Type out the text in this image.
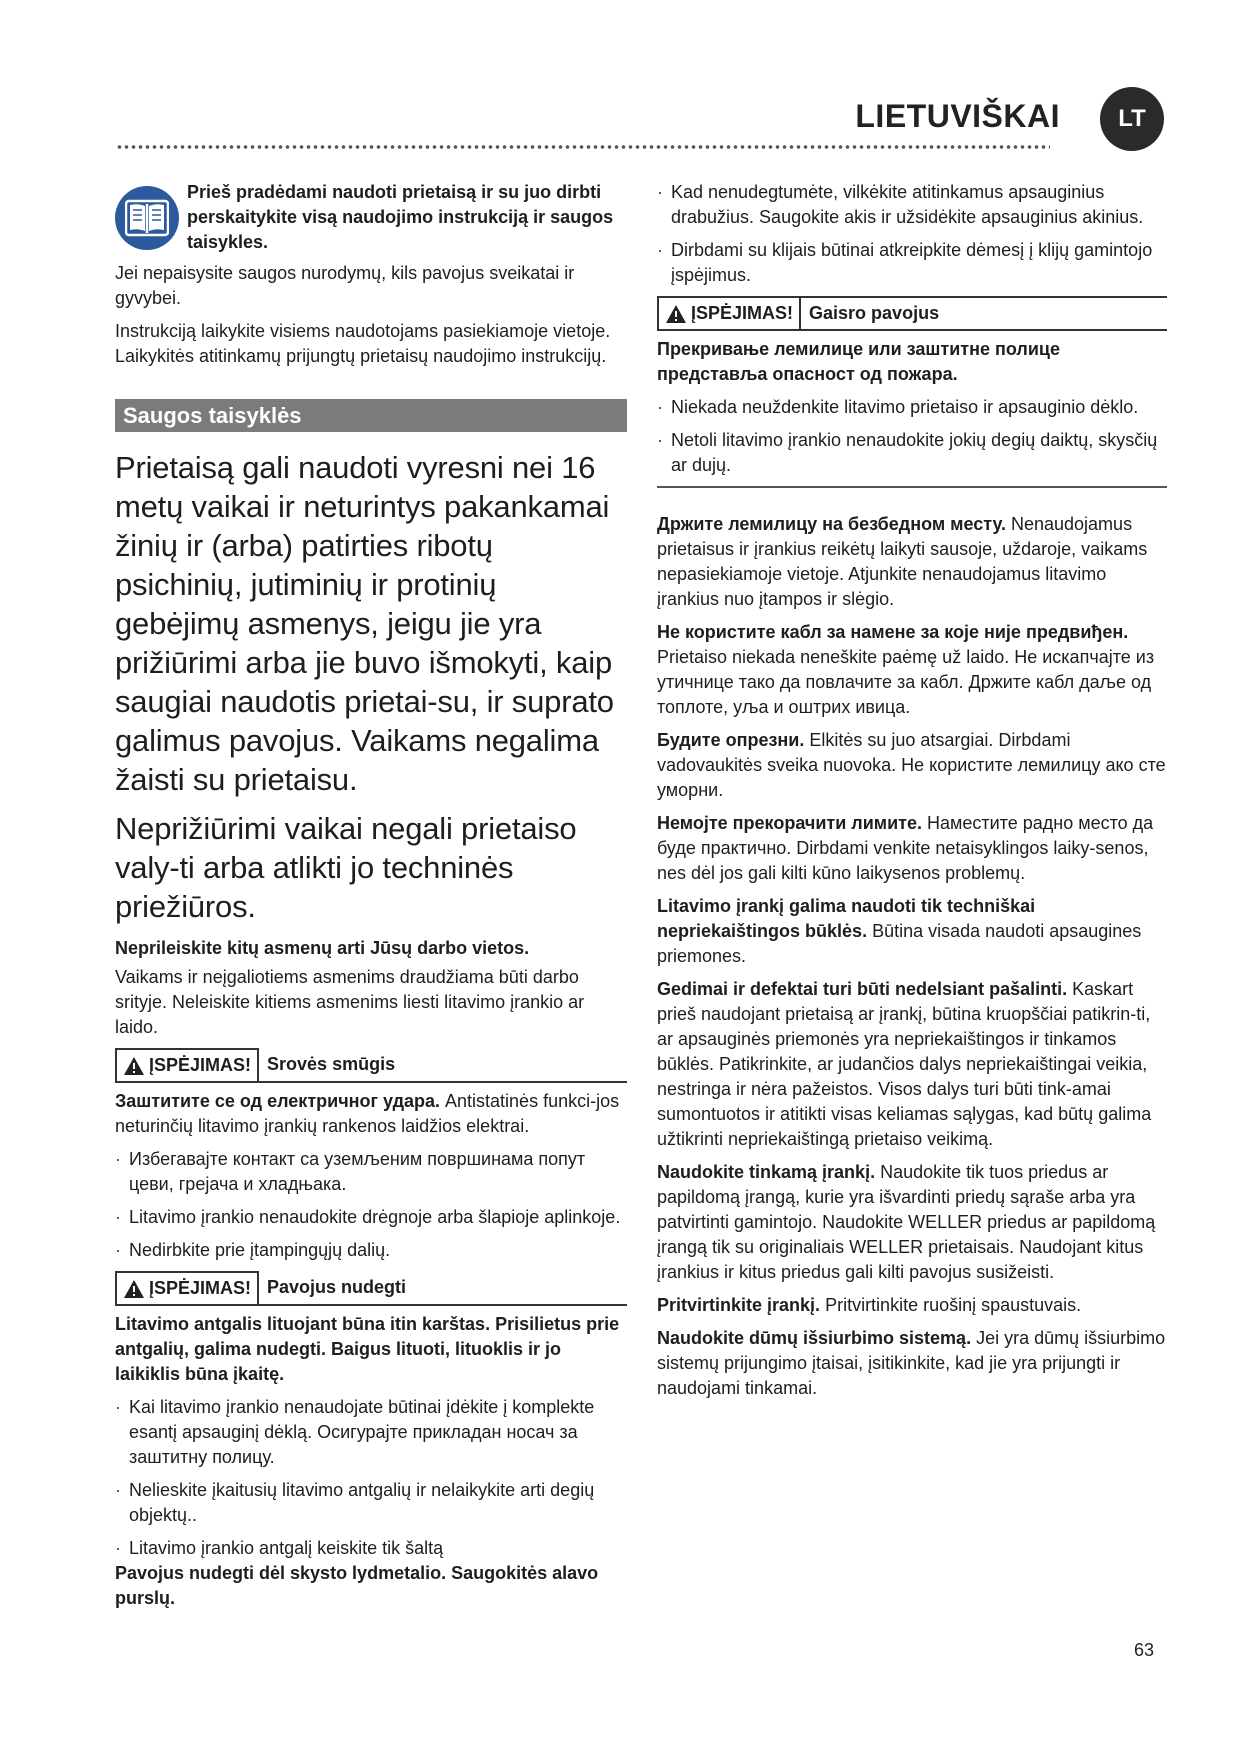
LIETUVIŠKAI	LT
Prieš pradėdami naudoti prietaisą ir su juo dirbti perskaitykite visą naudojimo instrukciją ir saugos taisykles.

Jei nepaisysite saugos nurodymų, kils pavojus sveikatai ir gyvybei.

Instrukciją laikykite visiems naudotojams pasiekiamoje vietoje. Laikykitės atitinkamų prijungtų prietaisų naudojimo instrukcijų.

Saugos taisyklės

Prietaisą gali naudoti vyresni nei 16 metų vaikai ir neturintys pakankamai žinių ir (arba) patirties ribotų psichinių, jutiminių ir protinių gebėjimų asmenys, jeigu jie yra prižiūrimi arba jie buvo išmokyti, kaip saugiai naudotis prietai-su, ir suprato galimus pavojus. Vaikams negalima žaisti su prietaisu.

Neprižiūrimi vaikai negali prietaiso valy-ti arba atlikti jo techninės priežiūros.

Neprileiskite kitų asmenų arti Jūsų darbo vietos.

Vaikams ir neįgaliotiems asmenims draudžiama būti darbo srityje. Neleiskite kitiems asmenims liesti litavimo įrankio ar laido.

ĮSPĖJIMAS! Srovės smūgis

Заштитите се од електричног удара. Antistatinės funkci-jos neturinčių litavimo įrankių rankenos laidžios elektrai.

· Избегавајте контакт са уземљеним површинама попут цеви, грејача и хладњака.
· Litavimo įrankio nenaudokite drėgnoje arba šlapioje aplinkoje.
· Nedirbkite prie įtampingųjų dalių.
ĮSPĖJIMAS! Pavojus nudegti

Litavimo antgalis lituojant būna itin karštas. Prisilietus prie antgalių, galima nudegti. Baigus lituoti, lituoklis ir jo laikiklis būna įkaitę.

· Kai litavimo įrankio nenaudojate būtinai įdėkite į komplekte esantį apsauginį dėklą. Осигурајте прикладан носач за заштитну полицу.
· Nelieskite įkaitusių litavimo antgalių ir nelaikykite arti degių objektų..
· Litavimo įrankio antgalį keiskite tik šaltą

Pavojus nudegti dėl skysto lydmetalio. Saugokitės alavo purslų.

· Kad nenudegtumėte, vilkėkite atitinkamus apsauginius drabužius. Saugokite akis ir užsidėkite apsauginius akinius.
· Dirbdami su klijais būtinai atkreipkite dėmesį į klijų gamintojo įspėjimus.
ĮSPĖJIMAS! Gaisro pavojus

Прекривање лемилице или заштитне полице представља опасност од пожара.

· Niekada neuždenkite litavimo prietaiso ir apsauginio dėklo.
· Netoli litavimo įrankio nenaudokite jokių degių daiktų, skysčių ar dujų.

Држите лемилицу на безбедном месту. Nenaudojamus prietaisus ir įrankius reikėtų laikyti sausoje, uždaroje, vaikams nepasiekiamoje vietoje. Atjunkite nenaudojamus litavimo įrankius nuo įtampos ir slėgio.

Не користите кабл за намене за које није предвиђен. Prietaiso niekada neneškite paėmę už laido. Не искапчајте из утичнице тако да повлачите за кабл. Држите кабл даље од топлоте, уља и оштрих ивица.

Будите опрезни. Elkitės su juo atsargiai. Dirbdami vadovaukitės sveika nuovoka. Не користите лемилицу ако сте уморни.

Немојте прекорачити лимите. Наместите радно место да буде практично. Dirbdami venkite netaisyklingos laiky-senos, nes dėl jos gali kilti kūno laikysenos problemų.

Litavimo įrankį galima naudoti tik techniškai nepriekaištingos būklės. Būtina visada naudoti apsaugines priemones.

Gedimai ir defektai turi būti nedelsiant pašalinti. Kaskart prieš naudojant prietaisą ar įrankį, būtina kruopščiai patikrin-ti, ar apsauginės priemonės yra nepriekaištingos ir tinkamos būklės. Patikrinkite, ar judančios dalys nepriekaištingai veikia, nestringa ir nėra pažeistos. Visos dalys turi būti tink-amai sumontuotos ir atitikti visas keliamas sąlygas, kad būtų galima užtikrinti nepriekaištingą prietaiso veikimą.

Naudokite tinkamą įrankį. Naudokite tik tuos priedus ar papildomą įrangą, kurie yra išvardinti priedų sąraše arba yra patvirtinti gamintojo. Naudokite WELLER priedus ar papildomą įrangą tik su originaliais WELLER prietaisais. Naudojant kitus įrankius ir kitus priedus gali kilti pavojus susižeisti.

Pritvirtinkite įrankį. Pritvirtinkite ruošinį spaustuvais.

Naudokite dūmų išsiurbimo sistemą. Jei yra dūmų išsiurbimo sistemų prijungimo įtaisai, įsitikinkite, kad jie yra prijungti ir naudojami tinkamai.

63
